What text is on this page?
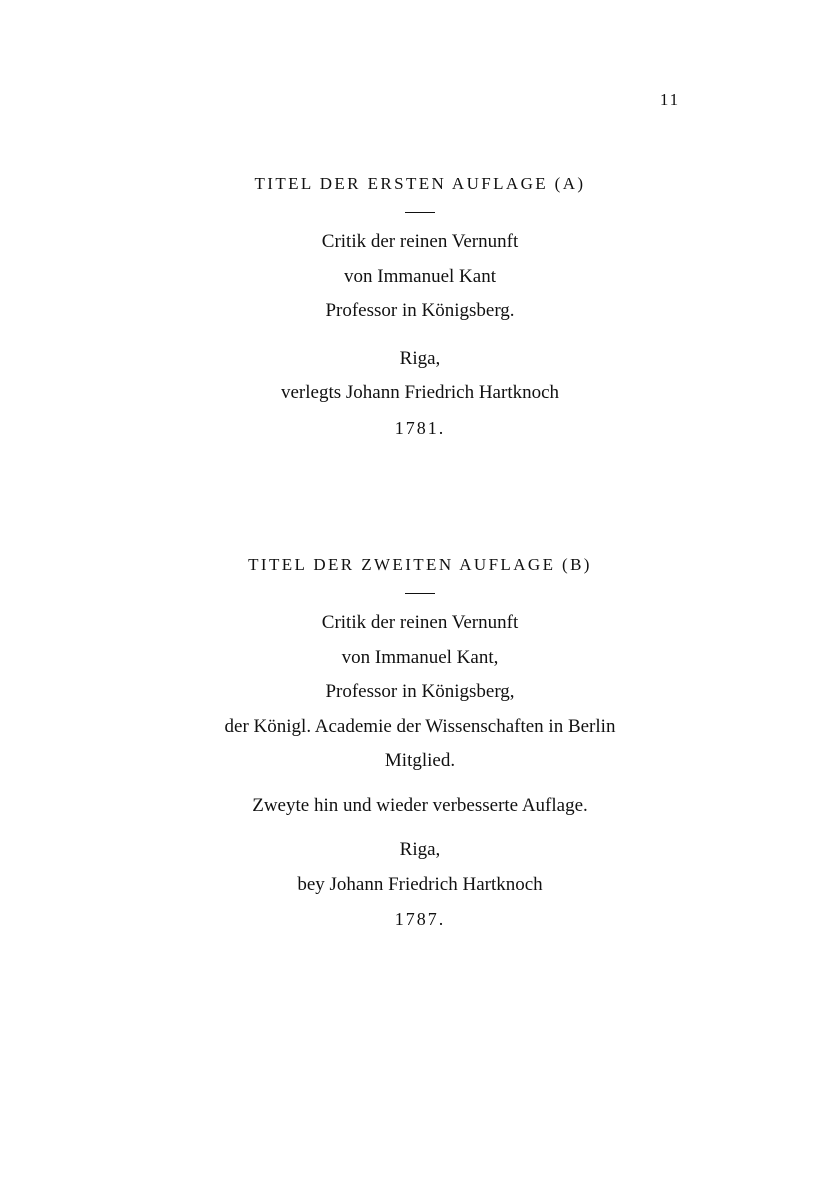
11
TITEL DER ERSTEN AUFLAGE (A)
Critik der reinen Vernunft
von Immanuel Kant
Professor in Königsberg.
Riga,
verlegts Johann Friedrich Hartknoch
1781.
TITEL DER ZWEITEN AUFLAGE (B)
Critik der reinen Vernunft
von Immanuel Kant,
Professor in Königsberg,
der Königl. Academie der Wissenschaften in Berlin
Mitglied.
Zweyte hin und wieder verbesserte Auflage.
Riga,
bey Johann Friedrich Hartknoch
1787.
